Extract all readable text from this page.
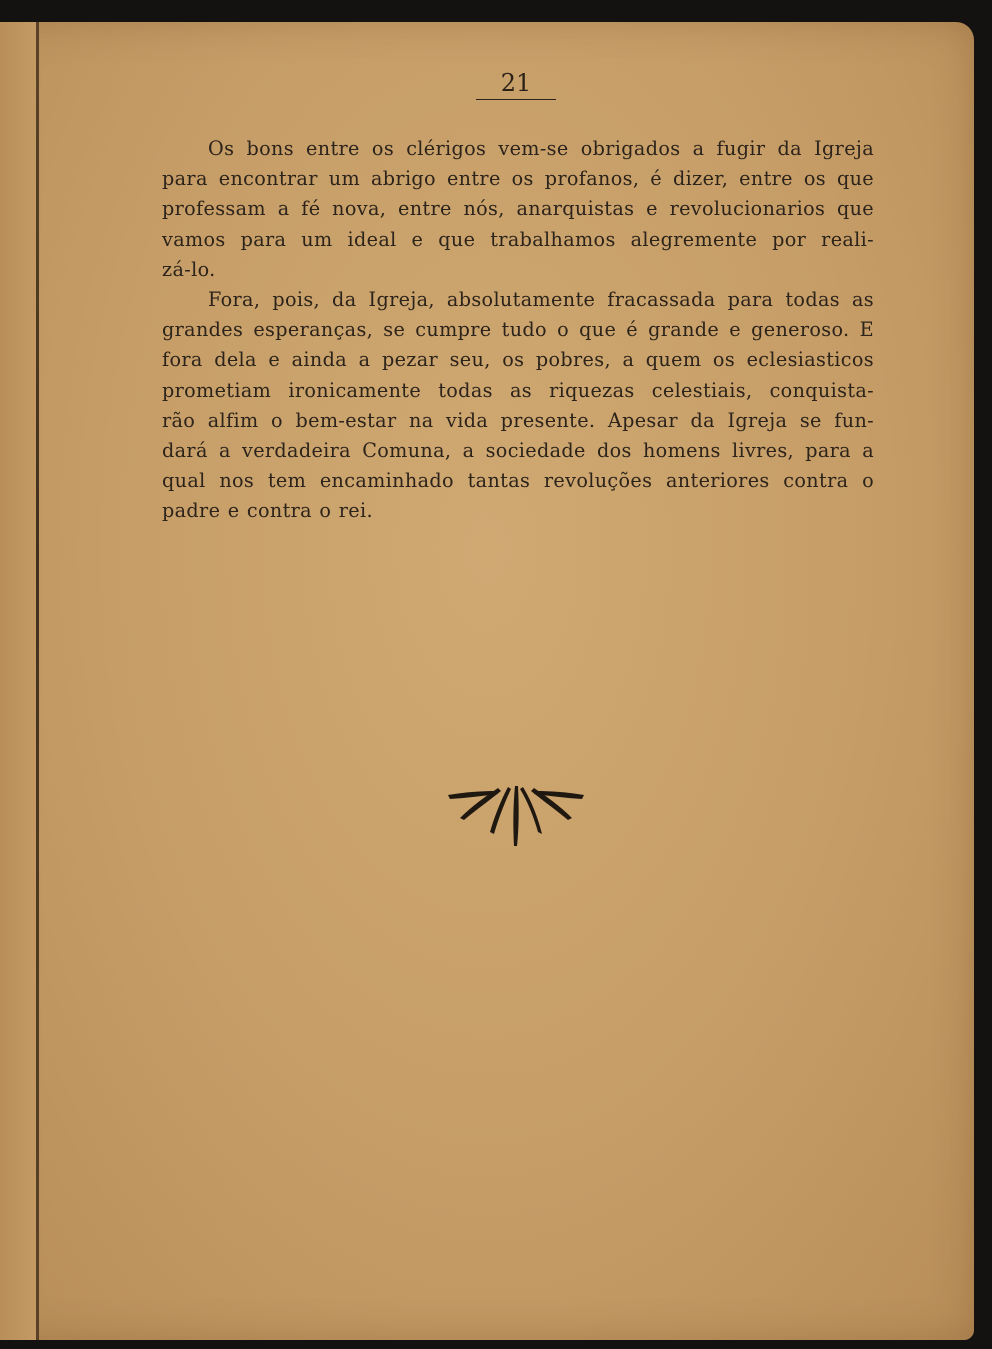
21
Os bons entre os clérigos vem-se obrigados a fugir da Igreja
para encontrar um abrigo entre os profanos, é dizer, entre os que
professam a fé nova, entre nós, anarquistas e revolucionarios que
vamos para um ideal e que trabalhamos alegremente por reali-
zá-lo.
Fora, pois, da Igreja, absolutamente fracassada para todas as
grandes esperanças, se cumpre tudo o que é grande e generoso. E
fora dela e ainda a pezar seu, os pobres, a quem os eclesiasticos
prometiam ironicamente todas as riquezas celestiais, conquista-
rão alfim o bem-estar na vida presente. Apesar da Igreja se fun-
dará a verdadeira Comuna, a sociedade dos homens livres, para a
qual nos tem encaminhado tantas revoluções anteriores contra o
padre e contra o rei.
